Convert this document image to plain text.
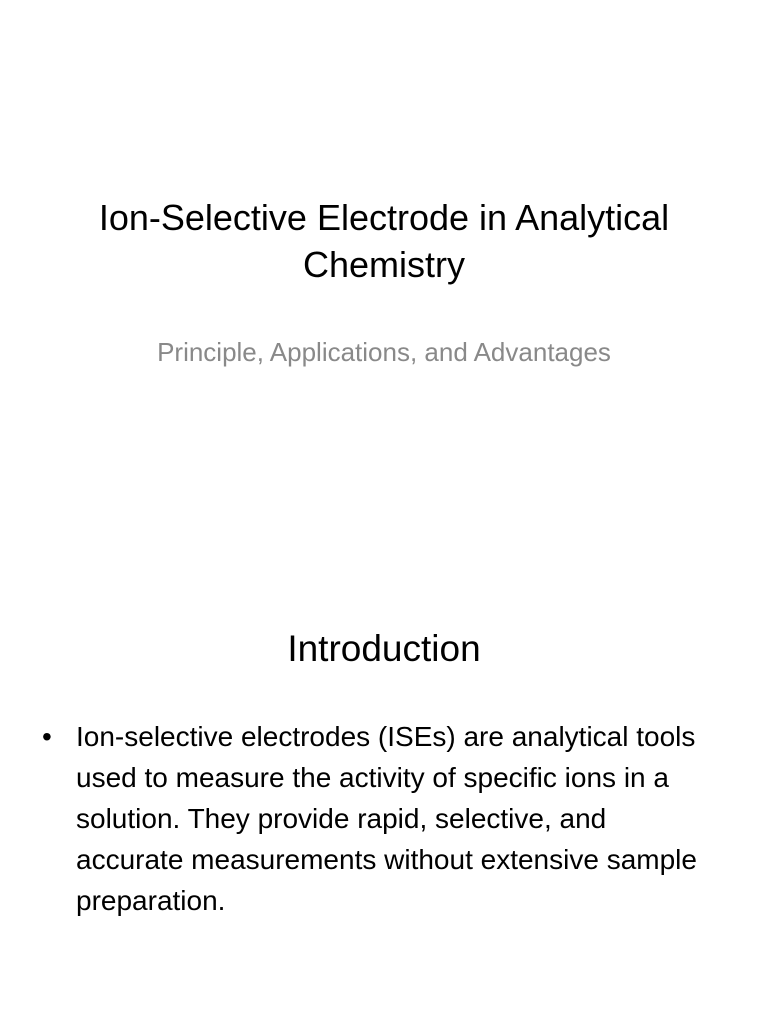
Ion-Selective Electrode in Analytical Chemistry

Principle, Applications, and Advantages

Introduction
• Ion-selective electrodes (ISEs) are analytical tools used to measure the activity of specific ions in a solution. They provide rapid, selective, and accurate measurements without extensive sample preparation.
